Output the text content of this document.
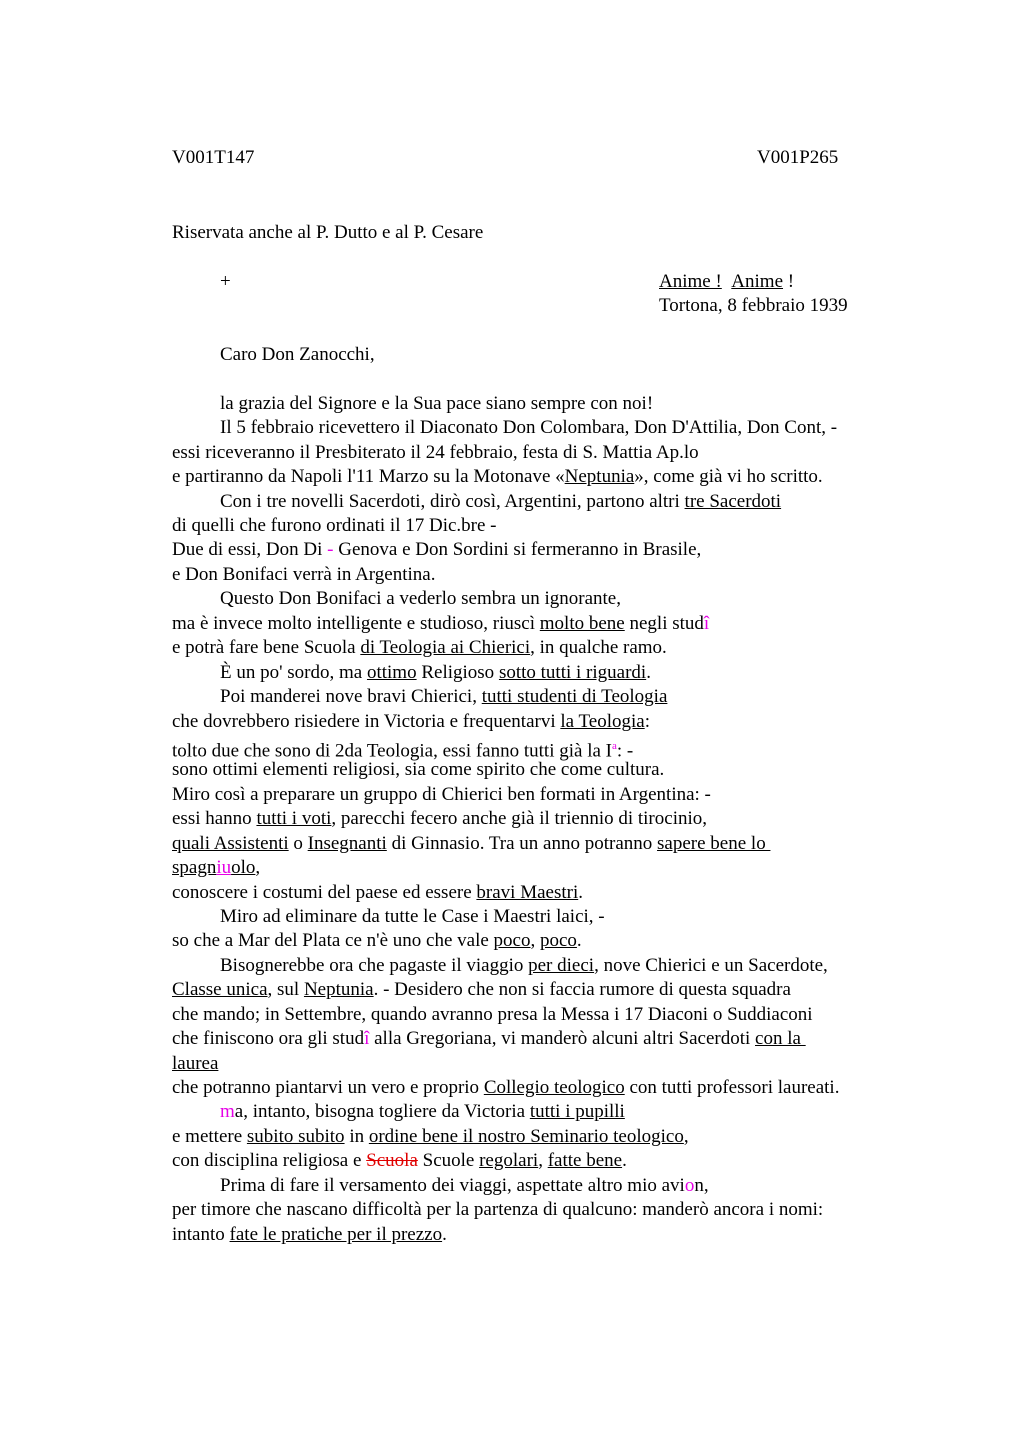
V001T147	V001P265
Riservata anche al P. Dutto e al P. Cesare
+	Anime ! Anime !
Tortona, 8 febbraio 1939
Caro Don Zanocchi,
la grazia del Signore e la Sua pace siano sempre con noi!
Il 5 febbraio ricevettero il Diaconato Don Colombara, Don D'Attilia, Don Cont, -
essi riceveranno il Presbiterato il 24 febbraio, festa di S. Mattia Ap.lo
e partiranno da Napoli l'11 Marzo su la Motonave «Neptunia», come già vi ho scritto.
Con i tre novelli Sacerdoti, dirò così, Argentini, partono altri tre Sacerdoti
di quelli che furono ordinati il 17 Dic.bre -
Due di essi, Don Di - Genova e Don Sordini si fermeranno in Brasile,
e Don Bonifaci verrà in Argentina.
Questo Don Bonifaci a vederlo sembra un ignorante,
ma è invece molto intelligente e studioso, riuscì molto bene negli studî
e potrà fare bene Scuola di Teologia ai Chierici, in qualche ramo.
È un po' sordo, ma ottimo Religioso sotto tutti i riguardi.
Poi manderei nove bravi Chierici, tutti studenti di Teologia
che dovrebbero risiedere in Victoria e frequentarvi la Teologia:
tolto due che sono di 2da Teologia, essi fanno tutti già la $I^a$: -
sono ottimi elementi religiosi, sia come spirito che come cultura.
Miro così a preparare un gruppo di Chierici ben formati in Argentina: -
essi hanno tutti i voti, parecchi fecero anche già il triennio di tirocinio,
quali Assistenti o Insegnanti di Ginnasio. Tra un anno potranno sapere bene lo
spagniuolo,
conoscere i costumi del paese ed essere bravi Maestri.
Miro ad eliminare da tutte le Case i Maestri laici, -
so che a Mar del Plata ce n'è uno che vale poco, poco.
Bisognerebbe ora che pagaste il viaggio per dieci, nove Chierici e un Sacerdote,
Classe unica, sul Neptunia. - Desidero che non si faccia rumore di questa squadra
che mando; in Settembre, quando avranno presa la Messa i 17 Diaconi o Suddiaconi
che finiscono ora gli studî alla Gregoriana, vi manderò alcuni altri Sacerdoti con la
laurea
che potranno piantarvi un vero e proprio Collegio teologico con tutti professori laureati.
ma, intanto, bisogna togliere da Victoria tutti i pupilli
e mettere subito subito in ordine bene il nostro Seminario teologico,
con disciplina religiosa e Scuola Scuole regolari, fatte bene.
Prima di fare il versamento dei viaggi, aspettate altro mio avion,
per timore che nascano difficoltà per la partenza di qualcuno: manderò ancora i nomi:
intanto fate le pratiche per il prezzo.
